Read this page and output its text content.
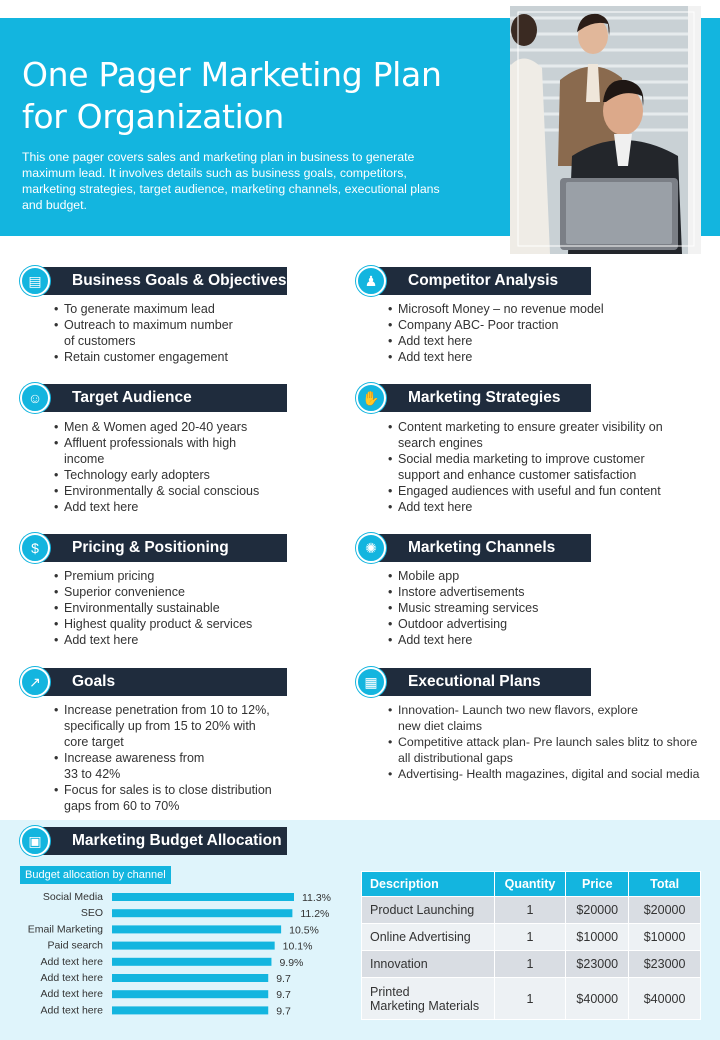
One Pager Marketing Plan for Organization

This one pager covers sales and marketing plan in business to generate maximum lead. It involves details such as business goals, competitors, marketing strategies, target audience, marketing channels, executional plans and budget.

Business Goals & Objectives
▤
• To generate maximum lead
• Outreach to maximum number
of customers
• Retain customer engagement
Target Audience
☺
• Men & Women aged 20-40 years
• Affluent professionals with high
income
• Technology early adopters
• Environmentally & social conscious
• Add text here
Pricing & Positioning
$
• Premium pricing
• Superior convenience
• Environmentally sustainable
• Highest quality product & services
• Add text here
Goals
↗
• Increase penetration from 10 to 12%,
specifically up from 15 to 20% with
core target
• Increase awareness from
33 to 42%
• Focus for sales is to close distribution
gaps from 60 to 70%
Competitor Analysis
♟
• Microsoft Money – no revenue model
• Company ABC- Poor traction
• Add text here
• Add text here
Marketing Strategies
✋
• Content marketing to ensure greater visibility on
search engines
• Social media marketing to improve customer
support and enhance customer satisfaction
• Engaged audiences with useful and fun content
• Add text here
Marketing Channels
✺
• Mobile app
• Instore advertisements
• Music streaming services
• Outdoor advertising
• Add text here
Executional Plans
▦
• Innovation- Launch two new flavors, explore
new diet claims
• Competitive attack plan- Pre launch sales blitz to shore
all distributional gaps
• Advertising- Health magazines, digital and social media
Marketing Budget Allocation
▣
Budget allocation by channel
Social Media	11.3%
SEO	11.2%
Email Marketing	10.5%
Paid search	10.1%
Add text here	9.9%
Add text here	9.7
Add text here	9.7
Add text here	9.7
Description	Quantity	Price	Total
Product Launching	1	$20000	$20000
Online Advertising	1	$10000	$10000
Innovation	1	$23000	$23000
Printed
Marketing Materials	1	$40000	$40000
